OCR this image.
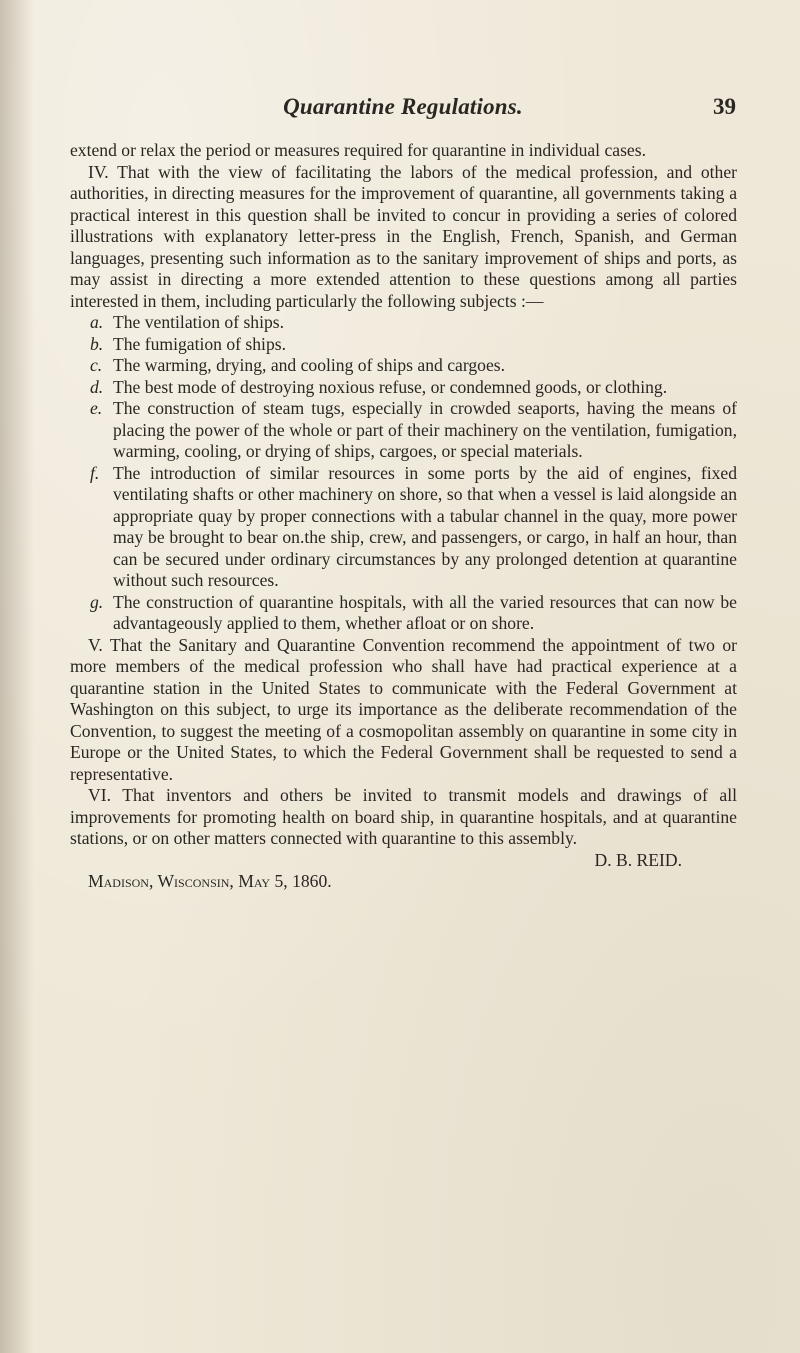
Quarantine Regulations.	39

extend or relax the period or measures required for quarantine in individual cases.

IV. That with the view of facilitating the labors of the medical profession, and other authorities, in directing measures for the improvement of quarantine, all governments taking a practical interest in this question shall be invited to concur in providing a series of colored illustrations with explanatory letter-press in the English, French, Spanish, and German languages, presenting such information as to the sanitary improvement of ships and ports, as may assist in directing a more extended attention to these questions among all parties interested in them, including particularly the following subjects :—

a. The ventilation of ships.
b. The fumigation of ships.
c. The warming, drying, and cooling of ships and cargoes.
d. The best mode of destroying noxious refuse, or condemned goods, or clothing.
e. The construction of steam tugs, especially in crowded seaports, having the means of placing the power of the whole or part of their machinery on the ventilation, fumigation, warming, cooling, or drying of ships, cargoes, or special materials.
f. The introduction of similar resources in some ports by the aid of engines, fixed ventilating shafts or other machinery on shore, so that when a vessel is laid alongside an appropriate quay by proper connections with a tabular channel in the quay, more power may be brought to bear on.the ship, crew, and passengers, or cargo, in half an hour, than can be secured under ordinary circumstances by any prolonged detention at quarantine without such resources.
g. The construction of quarantine hospitals, with all the varied resources that can now be advantageously applied to them, whether afloat or on shore.

V. That the Sanitary and Quarantine Convention recommend the appointment of two or more members of the medical profession who shall have had practical experience at a quarantine station in the United States to communicate with the Federal Government at Washington on this subject, to urge its importance as the deliberate recommendation of the Convention, to suggest the meeting of a cosmopolitan assembly on quarantine in some city in Europe or the United States, to which the Federal Government shall be requested to send a representative.

VI. That inventors and others be invited to transmit models and drawings of all improvements for promoting health on board ship, in quarantine hospitals, and at quarantine stations, or on other matters connected with quarantine to this assembly.

D. B. REID.

Madison, Wisconsin, May 5, 1860.
